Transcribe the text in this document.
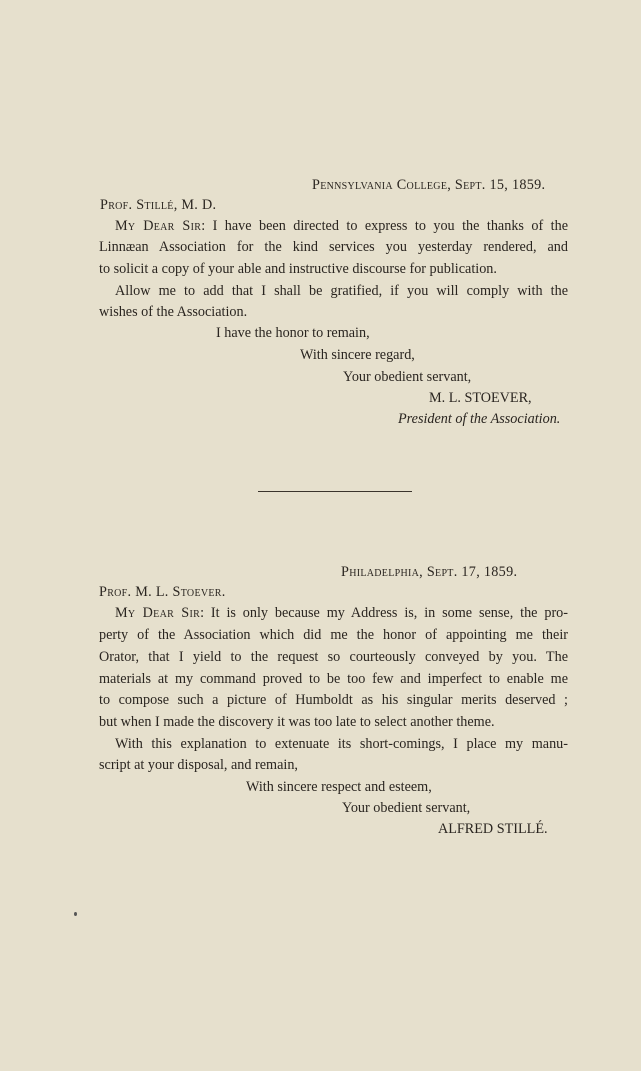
Pennsylvania College, Sept. 15, 1859.
Prof. Stillé, M. D.
My Dear Sir: I have been directed to express to you the thanks of the
Linnæan Association for the kind services you yesterday rendered, and
to solicit a copy of your able and instructive discourse for publication.
Allow me to add that I shall be gratified, if you will comply with the
wishes of the Association.
I have the honor to remain,
With sincere regard,
Your obedient servant,
M. L. STOEVER,
President of the Association.
Philadelphia, Sept. 17, 1859.
Prof. M. L. Stoever.
My Dear Sir: It is only because my Address is, in some sense, the pro-
perty of the Association which did me the honor of appointing me their
Orator, that I yield to the request so courteously conveyed by you. The
materials at my command proved to be too few and imperfect to enable me
to compose such a picture of Humboldt as his singular merits deserved ;
but when I made the discovery it was too late to select another theme.
With this explanation to extenuate its short-comings, I place my manu-
script at your disposal, and remain,
With sincere respect and esteem,
Your obedient servant,
ALFRED STILLÉ.
